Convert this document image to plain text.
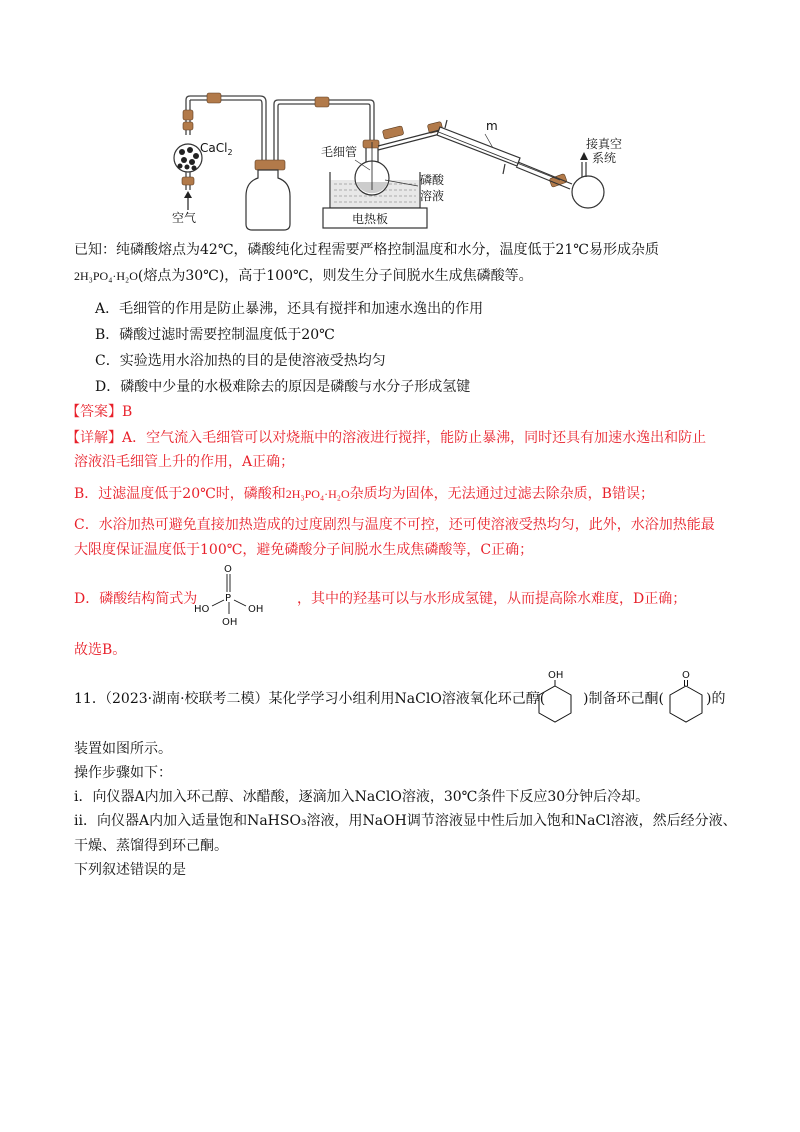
CaCl$_2$
空气
毛细管
m
接真空
系统
磷酸
溶液
电热板
已知：纯磷酸熔点为42℃，磷酸纯化过程需要严格控制温度和水分，温度低于21℃易形成杂质
2H₃PO₄·H₂O(熔点为30℃)，高于100℃，则发生分子间脱水生成焦磷酸等。
A．毛细管的作用是防止暴沸，还具有搅拌和加速水逸出的作用
B．磷酸过滤时需要控制温度低于20℃
C．实验选用水浴加热的目的是使溶液受热均匀
D．磷酸中少量的水极难除去的原因是磷酸与水分子形成氢键
【答案】B
【详解】A．空气流入毛细管可以对烧瓶中的溶液进行搅拌，能防止暴沸，同时还具有加速水逸出和防止
溶液沿毛细管上升的作用，A正确；
B．过滤温度低于20℃时，磷酸和2H₃PO₄·H₂O杂质均为固体，无法通过过滤去除杂质，B错误；
C．水浴加热可避免直接加热造成的过度剧烈与温度不可控，还可使溶液受热均匀，此外，水浴加热能最
大限度保证温度低于100℃，避免磷酸分子间脱水生成焦磷酸等，C正确；
D．磷酸结构简式为
O
P
HO	OH
OH
，其中的羟基可以与水形成氢键，从而提高除水难度，D正确；
故选B。
11．
（2023·湖南·校联考二模）某化学学习小组利用NaClO溶液氧化环己醇(
OH
)制备环己酮(
O
)的
装置如图所示。
操作步骤如下：
i．向仪器A内加入环己醇、冰醋酸，逐滴加入NaClO溶液，30℃条件下反应30分钟后冷却。
ii．向仪器A内加入适量饱和NaHSO₃溶液，用NaOH调节溶液显中性后加入饱和NaCl溶液，然后经分液、
干燥、蒸馏得到环己酮。
下列叙述错误的是
